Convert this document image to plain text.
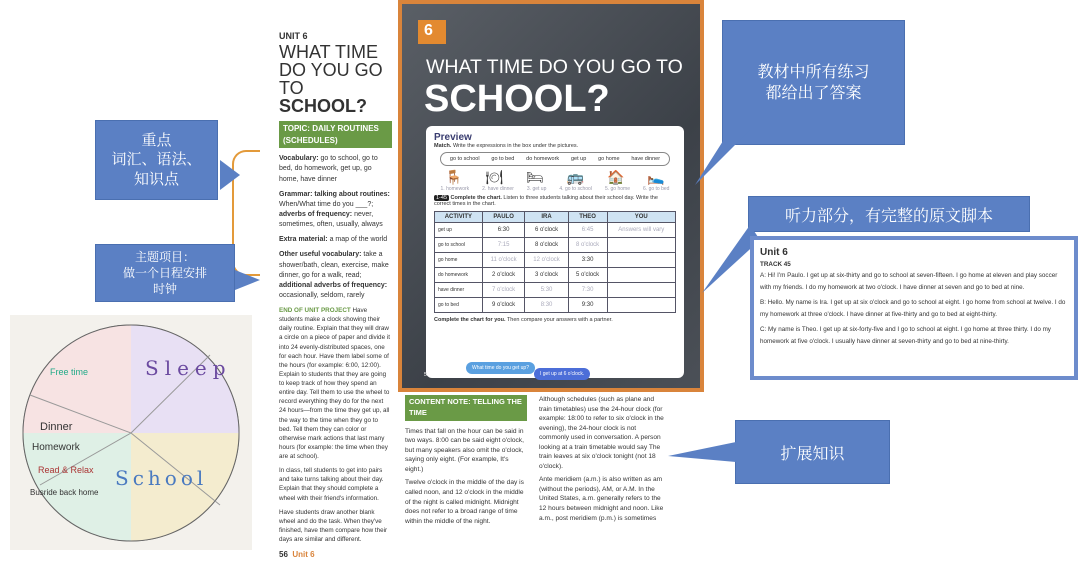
重点
词汇、语法、
知识点
主题项目：
做一个日程安排
时钟
Sleep
School
Dinner
Homework
Read & Relax
Busride back home
Free time
UNIT 6
WHAT TIME
DO YOU GO
TO SCHOOL?
TOPIC: DAILY ROUTINES (SCHEDULES)

Vocabulary: go to school, go to bed, do homework, get up, go home, have dinner

Grammar: talking about routines: When/What time do you ___?; adverbs of frequency: never, sometimes, often, usually, always

Extra material: a map of the world

Other useful vocabulary: take a shower/bath, clean, exercise, make dinner, go for a walk, read; additional adverbs of frequency: occasionally, seldom, rarely

END OF UNIT PROJECT Have students make a clock showing their daily routine. Explain that they will draw a circle on a piece of paper and divide it into 24 evenly-distributed spaces, one for each hour. Have them label some of the hours (for example: 6:00, 12:00). Explain to students that they are going to keep track of how they spend an entire day. Tell them to use the wheel to record everything they do for the next 24 hours—from the time they get up, all the way to the time when they go to bed. Tell them they can color or otherwise mark actions that last many hours (for example: the time when they are at school).

In class, tell students to get into pairs and take turns talking about their day. Explain that they should complete a wheel with their friend's information.

Have students draw another blank wheel and do the task. When they've finished, have them compare how their days are similar and different.

56 Unit 6

6
WHAT TIME DO YOU GO TO
SCHOOL?
Preview
Match. Write the expressions in the box under the pictures.
go to school go to bed do homework get up go home have dinner
🪑 🍽 🛏 🚌 🏠 🛌
1. homework	2. have dinner	3. get up	4. go to school	5. go home	6. go to bed
1-45 Complete the chart. Listen to three students talking about their school day. Write the correct times in the chart.
ACTIVITY	PAULO	IRA	THEO	YOU
get up	6:30	6 o'clock	6:45	Answers will vary
go to school	7:15	8 o'clock	8 o'clock	
go home	11 o'clock	12 o'clock	3:30	
do homework	2 o'clock	3 o'clock	5 o'clock	
have dinner	7 o'clock	5:30	7:30	
go to bed	9 o'clock	8:30	9:30	
Complete the chart for you. Then compare your answers with a partner.
What time do you get up?
I get up at 6 o'clock.
56
CONTENT NOTE: TELLING THE TIME

Times that fall on the hour can be said in two ways. 8:00 can be said eight o'clock, but many speakers also omit the o'clock, saying only eight. (For example, It's eight.)

Twelve o'clock in the middle of the day is called noon, and 12 o'clock in the middle of the night is called midnight. Midnight does not refer to a broad range of time within the middle of the night.

Although schedules (such as plane and train timetables) use the 24-hour clock (for example: 18:00 to refer to six o'clock in the evening), the 24-hour clock is not commonly used in conversation. A person looking at a train timetable would say The train leaves at six o'clock tonight (not 18 o'clock).

Ante meridiem (a.m.) is also written as am (without the periods), AM, or A.M. In the United States, a.m. generally refers to the 12 hours between midnight and noon. Like a.m., post meridiem (p.m.) is sometimes

教材中所有练习
都给出了答案
听力部分，有完整的原文脚本
Unit 6
TRACK 45

A: Hi! I'm Paulo. I get up at six-thirty and go to school at seven-fifteen. I go home at eleven and play soccer with my friends. I do my homework at two o'clock. I have dinner at seven and go to bed at nine.

B: Hello. My name is Ira. I get up at six o'clock and go to school at eight. I go home from school at twelve. I do my homework at three o'clock. I have dinner at five-thirty and go to bed at eight-thirty.

C: My name is Theo. I get up at six-forty-five and I go to school at eight. I go home at three thirty. I do my homework at five o'clock. I usually have dinner at seven-thirty and go to bed at nine-thirty.

扩展知识
